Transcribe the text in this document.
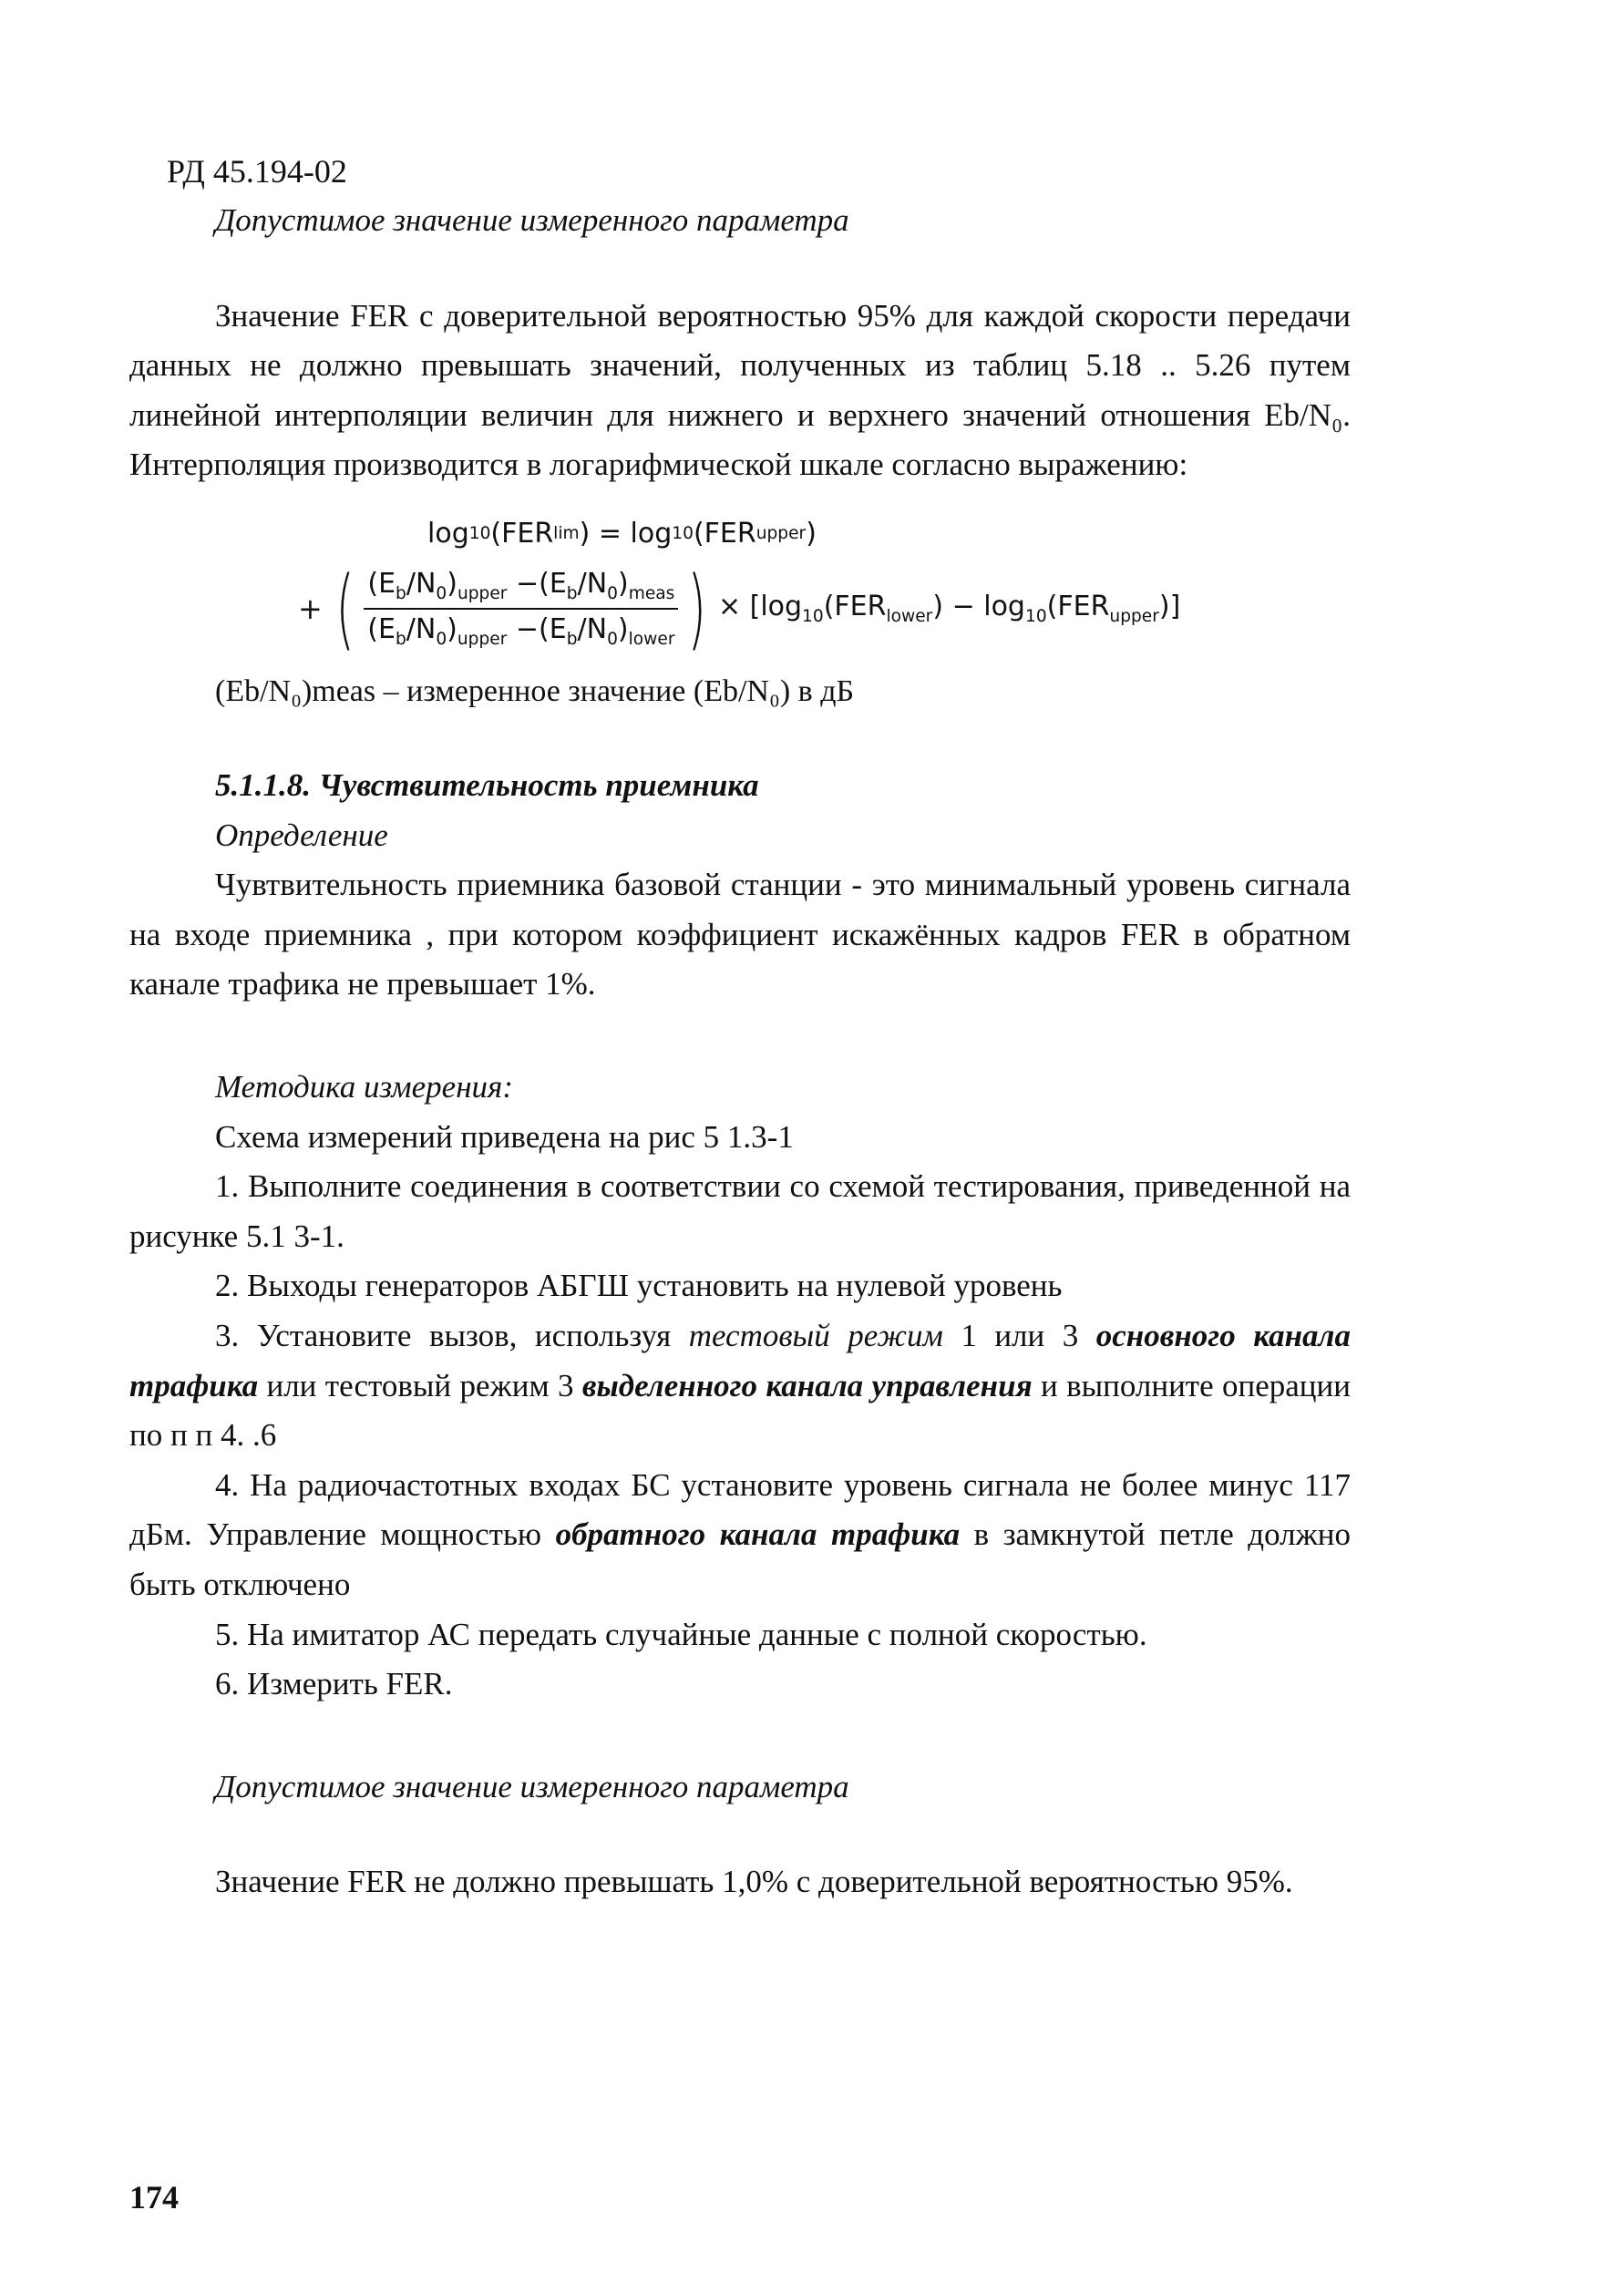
РД 45.194-02

Допустимое значение измеренного параметра

Значение FER с доверительной вероятностью 95% для каждой скорости передачи данных не должно превышать значений, полученных из таблиц 5.18 .. 5.26 путем линейной интерполяции величин для нижнего и верхнего значений отношения Eb/N₀. Интерполяция производится в логарифмической шкале согласно выражению:

log 10 (FER lim ) = log 10 (FER upper )
+ ( $\frac{(E_b/N_0)_{upper} -(E_b/N_0)_{meas}}{(E_b/N_0)_{upper} -(E_b/N_0)_{lower}}$ ) × $[\log_{10}(FER_{lower}) - \log_{10}(FER_{upper})]$

(Eb/N₀)meas – измеренное значение (Eb/N₀) в дБ

5.1.1.8. Чувствительность приемника

Определение

Чувтвительность приемника базовой станции - это минимальный уровень сигнала на входе приемника , при котором коэффициент искажённых кадров FER в обратном канале трафика не превышает 1%.

Методика измерения:

Схема измерений приведена на рис 5 1.3-1

1. Выполните соединения в соответствии со схемой тестирования, приведенной на рисунке 5.1 3-1.

2. Выходы генераторов АБГШ установить на нулевой уровень

3. Установите вызов, используя тестовый режим 1 или 3 основного канала трафика или тестовый режим 3 выделенного канала управления и выполните операции по п п 4. .6

4. На радиочастотных входах БС установите уровень сигнала не более минус 117 дБм. Управление мощностью обратного канала трафика в замкнутой петле должно быть отключено

5. На имитатор АС передать случайные данные с полной скоростью.

6. Измерить FER.

Допустимое значение измеренного параметра

Значение FER не должно превышать 1,0% с доверительной вероятностью 95%.

174
